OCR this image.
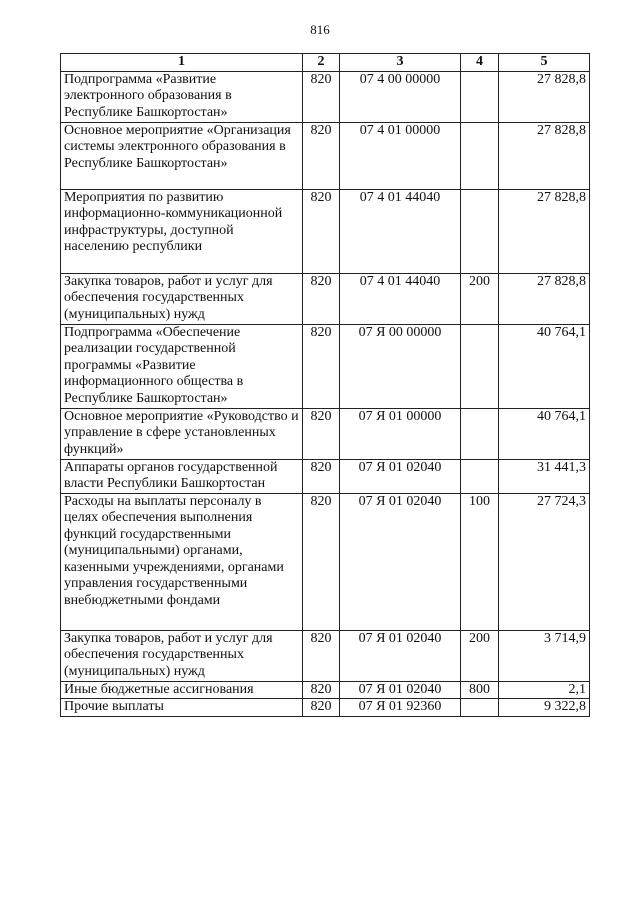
816
1	2	3	4	5
Подпрограмма «Развитие электронного образования в Республике Башкортостан»	820	07 4 00 00000		27 828,8
Основное мероприятие «Организация системы электронного образования в Республике Башкортостан»	820	07 4 01 00000		27 828,8
Мероприятия по развитию информационно-коммуникационной инфраструктуры, доступной населению республики	820	07 4 01 44040		27 828,8
Закупка товаров, работ и услуг для обеспечения государственных (муниципальных) нужд	820	07 4 01 44040	200	27 828,8
Подпрограмма «Обеспечение реализации государственной программы «Развитие информационного общества в Республике Башкортостан»	820	07 Я 00 00000		40 764,1
Основное мероприятие «Руководство и управление в сфере установленных функций»	820	07 Я 01 00000		40 764,1
Аппараты органов государственной власти Республики Башкортостан	820	07 Я 01 02040		31 441,3
Расходы на выплаты персоналу в целях обеспечения выполнения функций государственными (муниципальными) органами, казенными учреждениями, органами управления государственными внебюджетными фондами	820	07 Я 01 02040	100	27 724,3
Закупка товаров, работ и услуг для обеспечения государственных (муниципальных) нужд	820	07 Я 01 02040	200	3 714,9
Иные бюджетные ассигнования	820	07 Я 01 02040	800	2,1
Прочие выплаты	820	07 Я 01 92360		9 322,8
